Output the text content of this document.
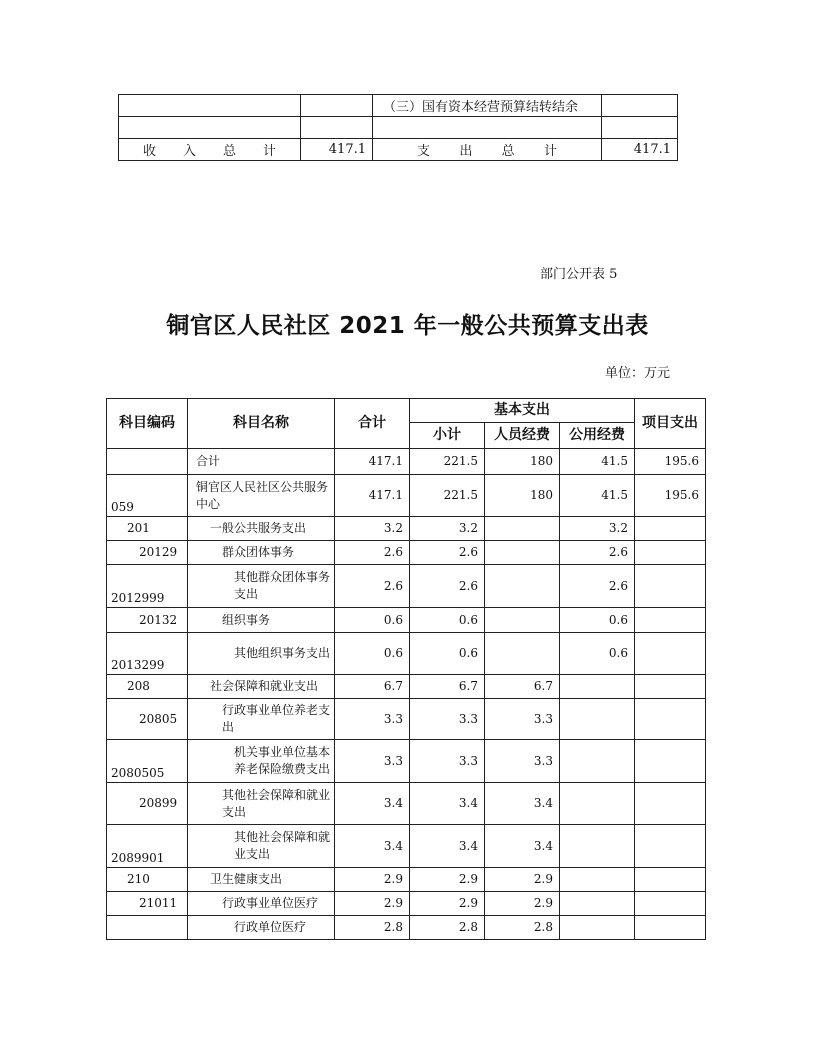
		（三）国有资本经营预算结转结余	

收 入 总 计	417.1	支 出 总 计	417.1
部门公开表 5
铜官区人民社区 2021 年一般公共预算支出表
单位：万元
科目编码	科目名称	合计	基本支出			项目支出
			小计	人员经费	公用经费	
	合计	417.1	221.5	180	41.5	195.6
059	铜官区人民社区公共服务中心	417.1	221.5	180	41.5	195.6
201	一般公共服务支出	3.2	3.2		3.2	
20129	群众团体事务	2.6	2.6		2.6	
2012999	其他群众团体事务支出	2.6	2.6		2.6	
20132	组织事务	0.6	0.6		0.6	
2013299	其他组织事务支出	0.6	0.6		0.6	
208	社会保障和就业支出	6.7	6.7	6.7		
20805	行政事业单位养老支出	3.3	3.3	3.3		
2080505	机关事业单位基本养老保险缴费支出	3.3	3.3	3.3		
20899	其他社会保障和就业支出	3.4	3.4	3.4		
2089901	其他社会保障和就业支出	3.4	3.4	3.4		
210	卫生健康支出	2.9	2.9	2.9		
21011	行政事业单位医疗	2.9	2.9	2.9		
	行政单位医疗	2.8	2.8	2.8		
